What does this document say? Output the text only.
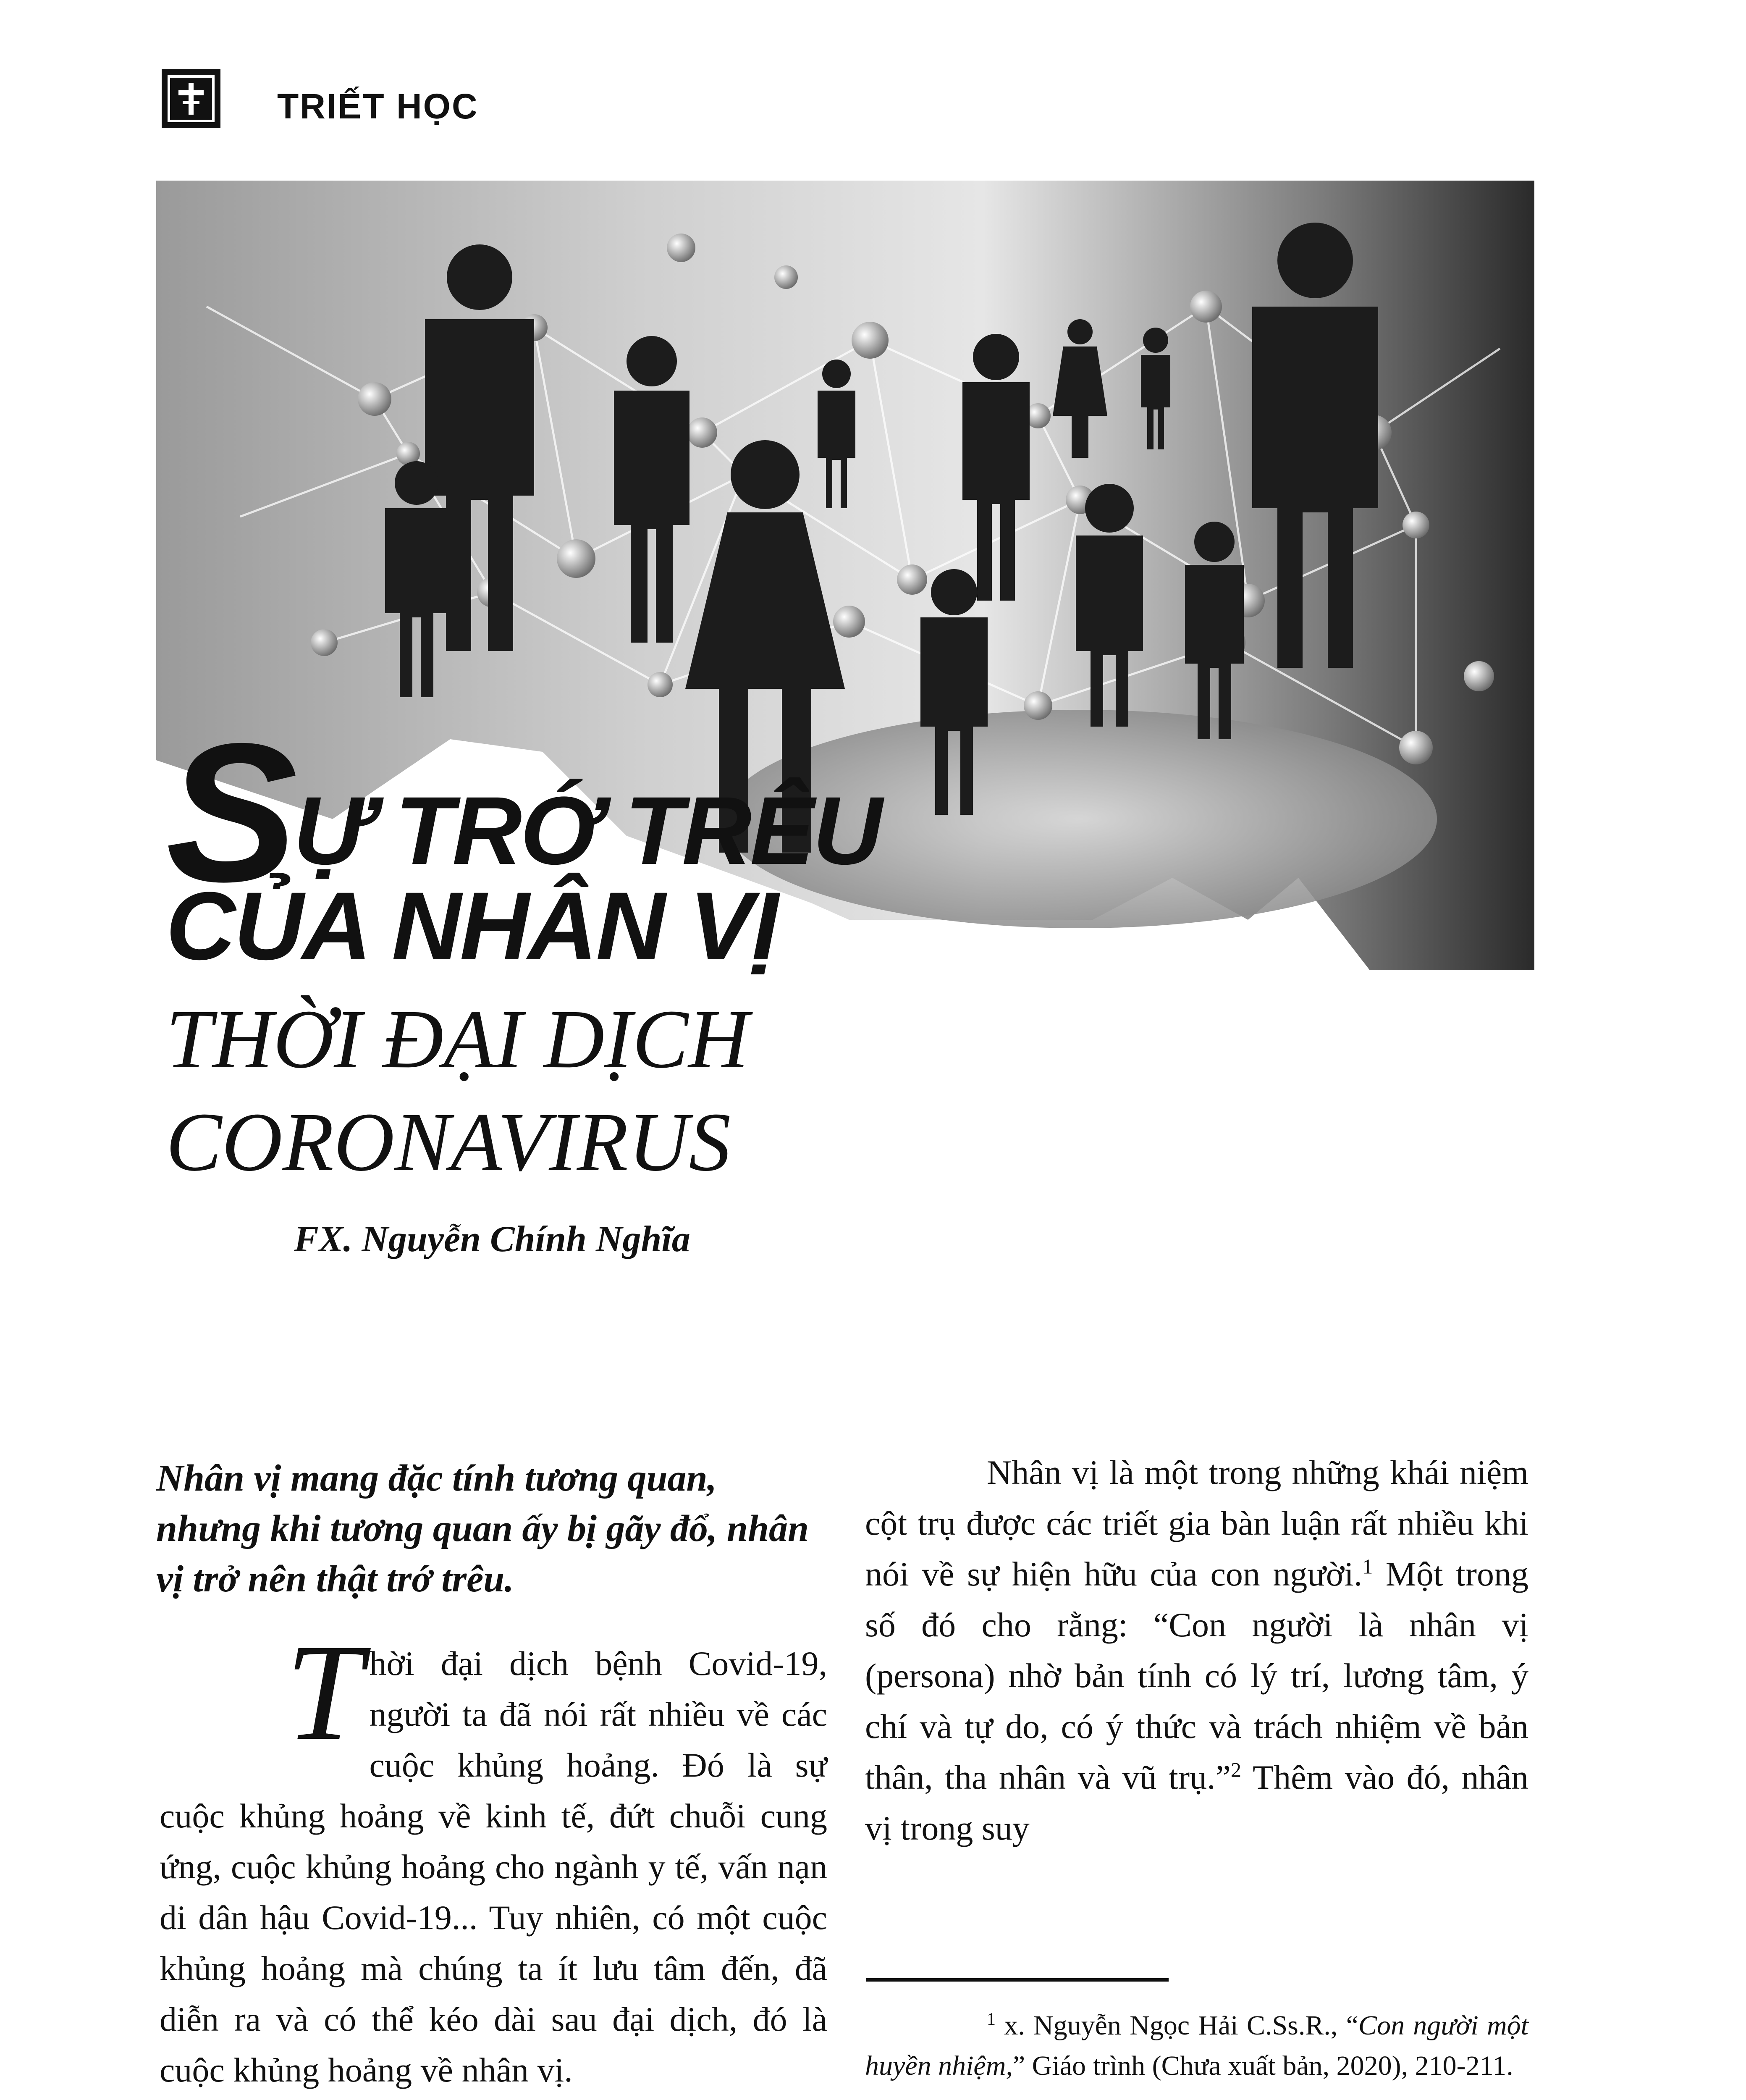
TRIẾT HỌC
SỰ TRỚ TRÊU
CỦA NHÂN VỊ
THỜI ĐẠI DỊCH
CORONAVIRUS
FX. Nguyễn Chính Nghĩa
Nhân vị mang đặc tính tương quan, nhưng khi tương quan ấy bị gãy đổ, nhân vị trở nên thật trớ trêu.
Thời đại dịch bệnh Covid-19, người ta đã nói rất nhiều về các cuộc khủng hoảng. Đó là sự cuộc khủng hoảng về kinh tế, đứt chuỗi cung ứng, cuộc khủng hoảng cho ngành y tế, vấn nạn di dân hậu Covid-19... Tuy nhiên, có một cuộc khủng hoảng mà chúng ta ít lưu tâm đến, đã diễn ra và có thể kéo dài sau đại dịch, đó là cuộc khủng hoảng về nhân vị.
Nhân vị là một trong những khái niệm cột trụ được các triết gia bàn luận rất nhiều khi nói về sự hiện hữu của con người.$^1$ Một trong số đó cho rằng: “Con người là nhân vị (persona) nhờ bản tính có lý trí, lương tâm, ý chí và tự do, có ý thức và trách nhiệm về bản thân, tha nhân và vũ trụ.”$^2$ Thêm vào đó, nhân vị trong suy
$^1$ x. Nguyễn Ngọc Hải C.Ss.R., “Con người một huyền nhiệm,” Giáo trình (Chưa xuất bản, 2020), 210-211.
